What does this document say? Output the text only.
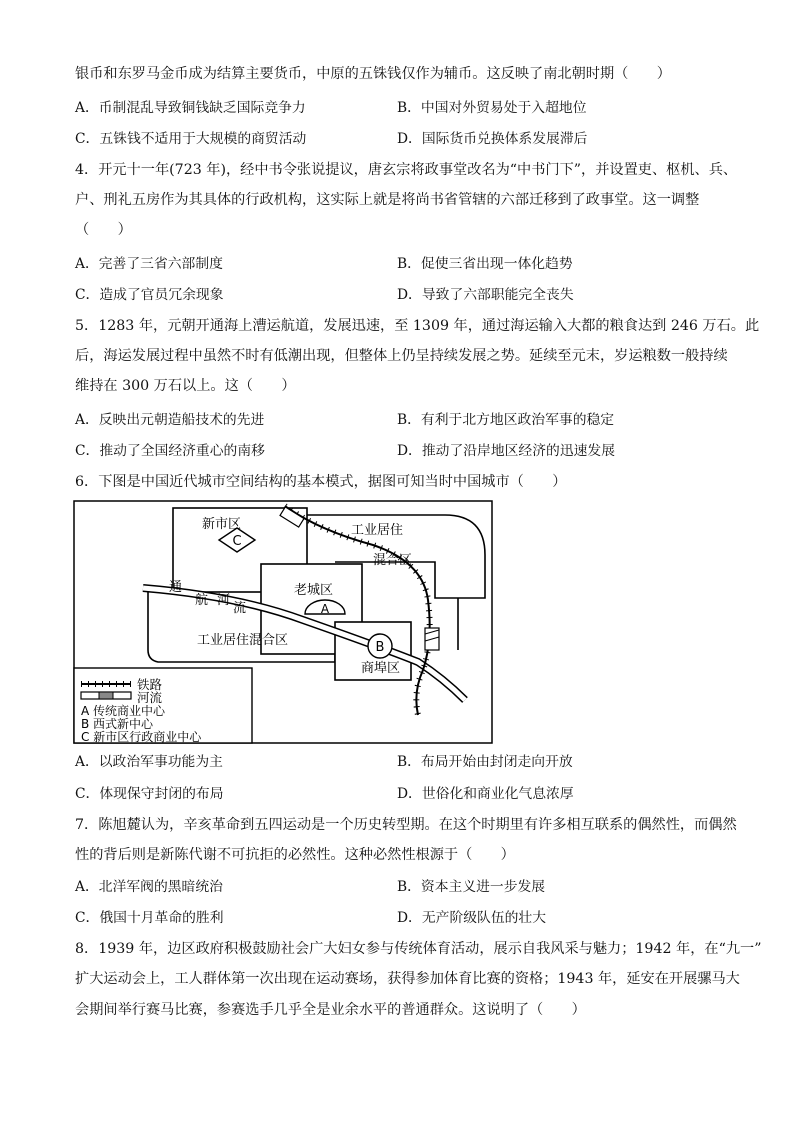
银币和东罗马金币成为结算主要货币，中原的五铢钱仅作为辅币。这反映了南北朝时期（　　）
A．币制混乱导致铜钱缺乏国际竞争力	B．中国对外贸易处于入超地位
C．五铢钱不适用于大规模的商贸活动	D．国际货币兑换体系发展滞后
4．开元十一年(723 年)，经中书令张说提议，唐玄宗将政事堂改名为“中书门下”，并设置吏、枢机、兵、
户、刑礼五房作为其具体的行政机构，这实际上就是将尚书省管辖的六部迁移到了政事堂。这一调整
（　　）
A．完善了三省六部制度	B．促使三省出现一体化趋势
C．造成了官员冗余现象	D．导致了六部职能完全丧失
5．1283 年，元朝开通海上漕运航道，发展迅速，至 1309 年，通过海运输入大都的粮食达到 246 万石。此
后，海运发展过程中虽然不时有低潮出现，但整体上仍呈持续发展之势。延续至元末，岁运粮数一般持续
维持在 300 万石以上。这（　　）
A．反映出元朝造船技术的先进	B．有利于北方地区政治军事的稳定
C．推动了全国经济重心的南移	D．推动了沿岸地区经济的迅速发展
6．下图是中国近代城市空间结构的基本模式，据图可知当时中国城市（　　）
C
A
B
新市区	工业居住
混合区
老城区
通
航 河
流
工业居住混合区
商埠区
铁路
河流
A 传统商业中心
B 西式新中心
C 新市区行政商业中心
A．以政治军事功能为主	B．布局开始由封闭走向开放
C．体现保守封闭的布局	D．世俗化和商业化气息浓厚
7．陈旭麓认为，辛亥革命到五四运动是一个历史转型期。在这个时期里有许多相互联系的偶然性，而偶然
性的背后则是新陈代谢不可抗拒的必然性。这种必然性根源于（　　）
A．北洋军阀的黑暗统治	B．资本主义进一步发展
C．俄国十月革命的胜利	D．无产阶级队伍的壮大
8．1939 年，边区政府积极鼓励社会广大妇女参与传统体育活动，展示自我风采与魅力；1942 年，在“九一”
扩大运动会上，工人群体第一次出现在运动赛场，获得参加体育比赛的资格；1943 年，延安在开展骡马大
会期间举行赛马比赛，参赛选手几乎全是业余水平的普通群众。这说明了（　　）
